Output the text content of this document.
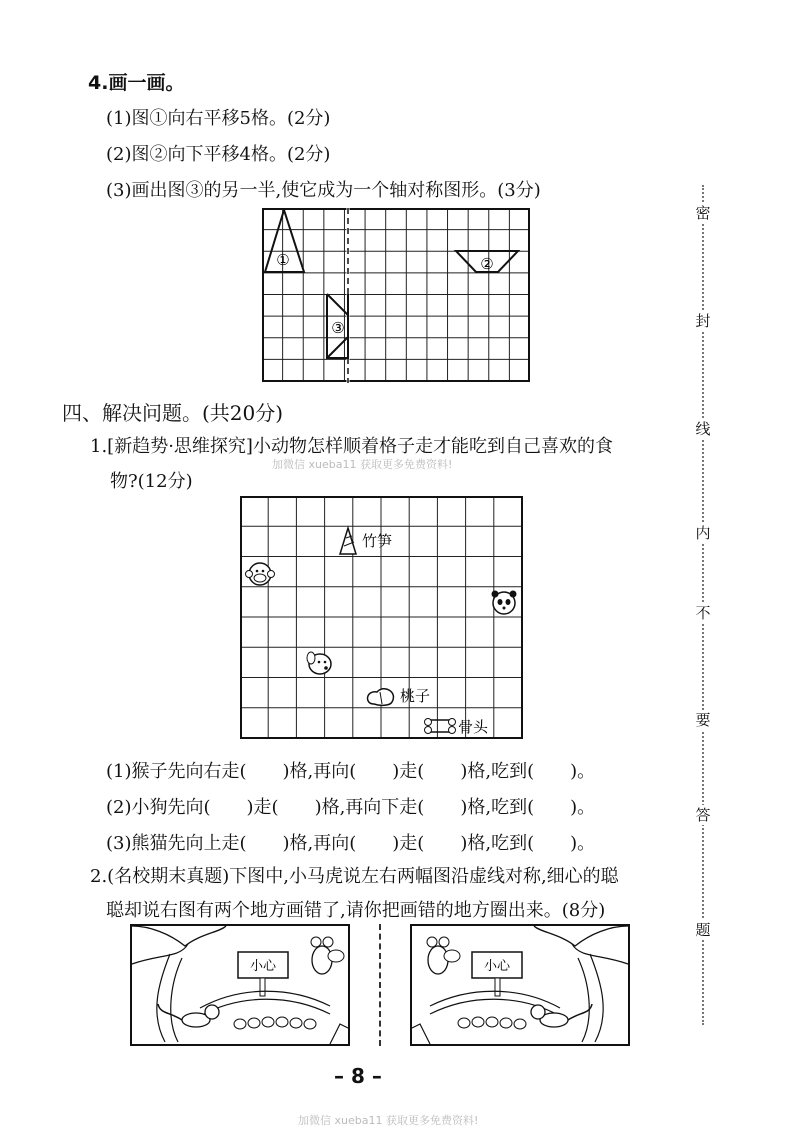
4.画一画。
(1)图①向右平移5格。(2分)
(2)图②向下平移4格。(2分)
(3)画出图③的另一半,使它成为一个轴对称图形。(3分)
①	②
③
四、解决问题。(共20分)
1.[新趋势·思维探究]小动物怎样顺着格子走才能吃到自己喜欢的食
加微信 xueba11 获取更多免费资料!
物?(12分)
竹笋
桃子
骨头
(1)猴子先向右走(　　)格,再向(　　)走(　　)格,吃到(　　)。
(2)小狗先向(　　)走(　　)格,再向下走(　　)格,吃到(　　)。
(3)熊猫先向上走(　　)格,再向(　　)走(　　)格,吃到(　　)。
2.(名校期末真题)下图中,小马虎说左右两幅图沿虚线对称,细心的聪
聪却说右图有两个地方画错了,请你把画错的地方圈出来。(8分)
小心	小心
– 8 –
加微信 xueba11 获取更多免费资料!
密
封
线
内
不
要
答
题
